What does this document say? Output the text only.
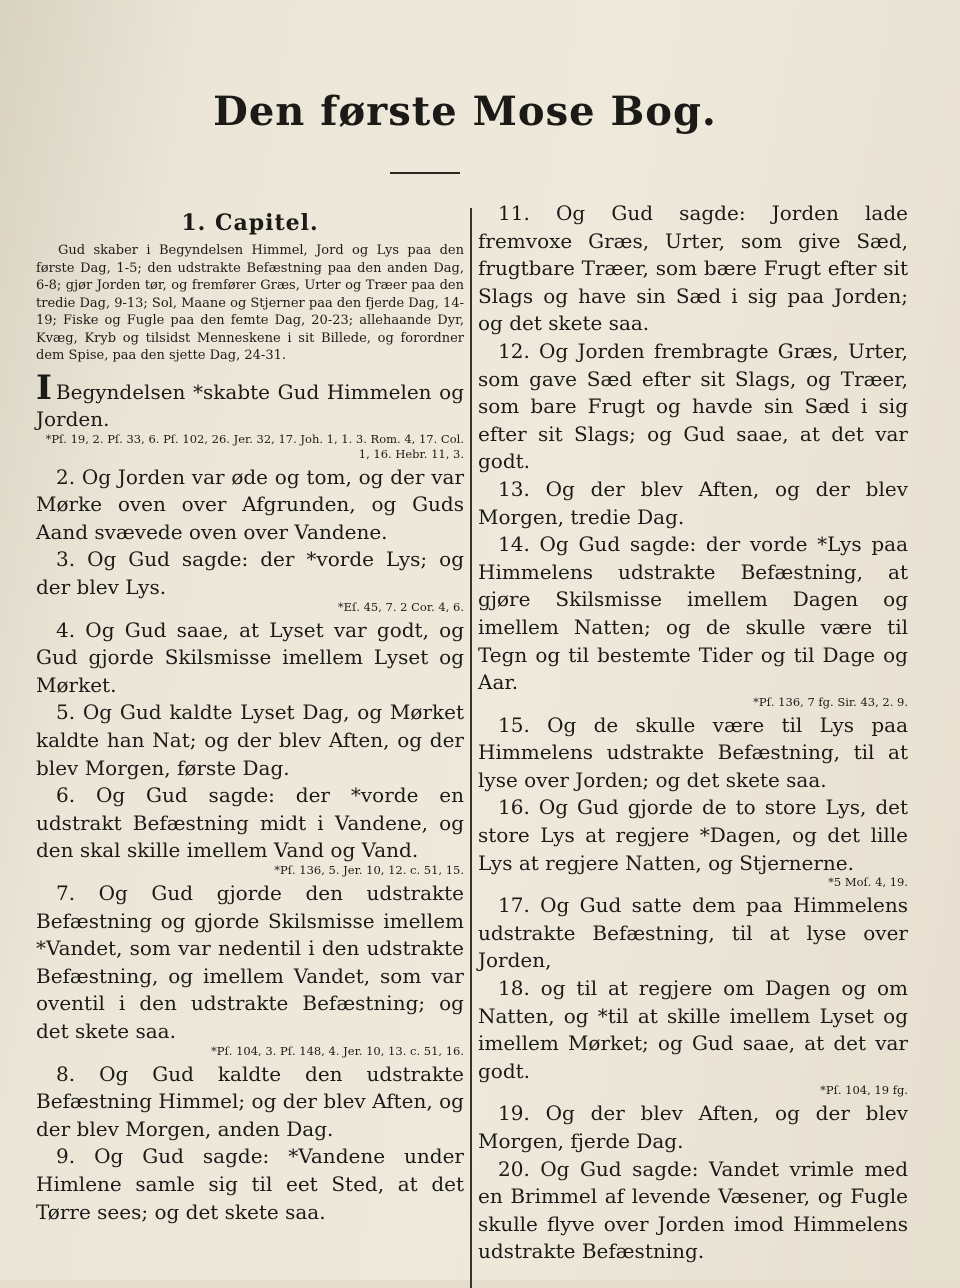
Den første Mose Bog.
1. Capitel.

Gud skaber i Begyndelsen Himmel, Jord og Lys paa den første Dag, 1-5; den udstrakte Befæstning paa den anden Dag, 6-8; gjør Jorden tør, og fremfører Græs, Urter og Træer paa den tredie Dag, 9-13; Sol, Maane og Stjerner paa den fjerde Dag, 14-19; Fiske og Fugle paa den femte Dag, 20-23; allehaande Dyr, Kvæg, Kryb og tilsidst Menneskene i sit Billede, og forordner dem Spise, paa den sjette Dag, 24-31.

I Begyndelsen *skabte Gud Himmelen og Jorden.

*Pſ. 19, 2. Pſ. 33, 6. Pſ. 102, 26. Jer. 32, 17. Joh. 1, 1. 3. Rom. 4, 17. Col. 1, 16. Hebr. 11, 3.

2. Og Jorden var øde og tom, og der var Mørke oven over Afgrunden, og Guds Aand svævede oven over Vandene.

3. Og Gud sagde: der *vorde Lys; og der blev Lys.

*Eſ. 45, 7. 2 Cor. 4, 6.

4. Og Gud saae, at Lyset var godt, og Gud gjorde Skilsmisse imellem Lyset og Mørket.

5. Og Gud kaldte Lyset Dag, og Mørket kaldte han Nat; og der blev Aften, og der blev Morgen, første Dag.

6. Og Gud sagde: der *vorde en udstrakt Befæstning midt i Vandene, og den skal skille imellem Vand og Vand.

*Pſ. 136, 5. Jer. 10, 12. c. 51, 15.

7. Og Gud gjorde den udstrakte Befæstning og gjorde Skilsmisse imellem *Vandet, som var nedentil i den udstrakte Befæstning, og imellem Vandet, som var oventil i den udstrakte Befæstning; og det skete saa.

*Pſ. 104, 3. Pſ. 148, 4. Jer. 10, 13. c. 51, 16.

8. Og Gud kaldte den udstrakte Befæstning Himmel; og der blev Aften, og der blev Morgen, anden Dag.

9. Og Gud sagde: *Vandene under Himlene samle sig til eet Sted, at det Tørre sees; og det skete saa.

11. Og Gud sagde: Jorden lade fremvoxe Græs, Urter, som give Sæd, frugtbare Træer, som bære Frugt efter sit Slags og have sin Sæd i sig paa Jorden; og det skete saa.

12. Og Jorden frembragte Græs, Urter, som gave Sæd efter sit Slags, og Træer, som bare Frugt og havde sin Sæd i sig efter sit Slags; og Gud saae, at det var godt.

13. Og der blev Aften, og der blev Morgen, tredie Dag.

14. Og Gud sagde: der vorde *Lys paa Himmelens udstrakte Befæstning, at gjøre Skilsmisse imellem Dagen og imellem Natten; og de skulle være til Tegn og til bestemte Tider og til Dage og Aar.

*Pſ. 136, 7 fg. Sir. 43, 2. 9.

15. Og de skulle være til Lys paa Himmelens udstrakte Befæstning, til at lyse over Jorden; og det skete saa.

16. Og Gud gjorde de to store Lys, det store Lys at regjere *Dagen, og det lille Lys at regjere Natten, og Stjernerne.

*5 Moſ. 4, 19.

17. Og Gud satte dem paa Himmelens udstrakte Befæstning, til at lyse over Jorden,

18. og til at regjere om Dagen og om Natten, og *til at skille imellem Lyset og imellem Mørket; og Gud saae, at det var godt.

*Pſ. 104, 19 fg.

19. Og der blev Aften, og der blev Morgen, fjerde Dag.

20. Og Gud sagde: Vandet vrimle med en Brimmel af levende Væsener, og Fugle skulle flyve over Jorden imod Himmelens udstrakte Befæstning.
